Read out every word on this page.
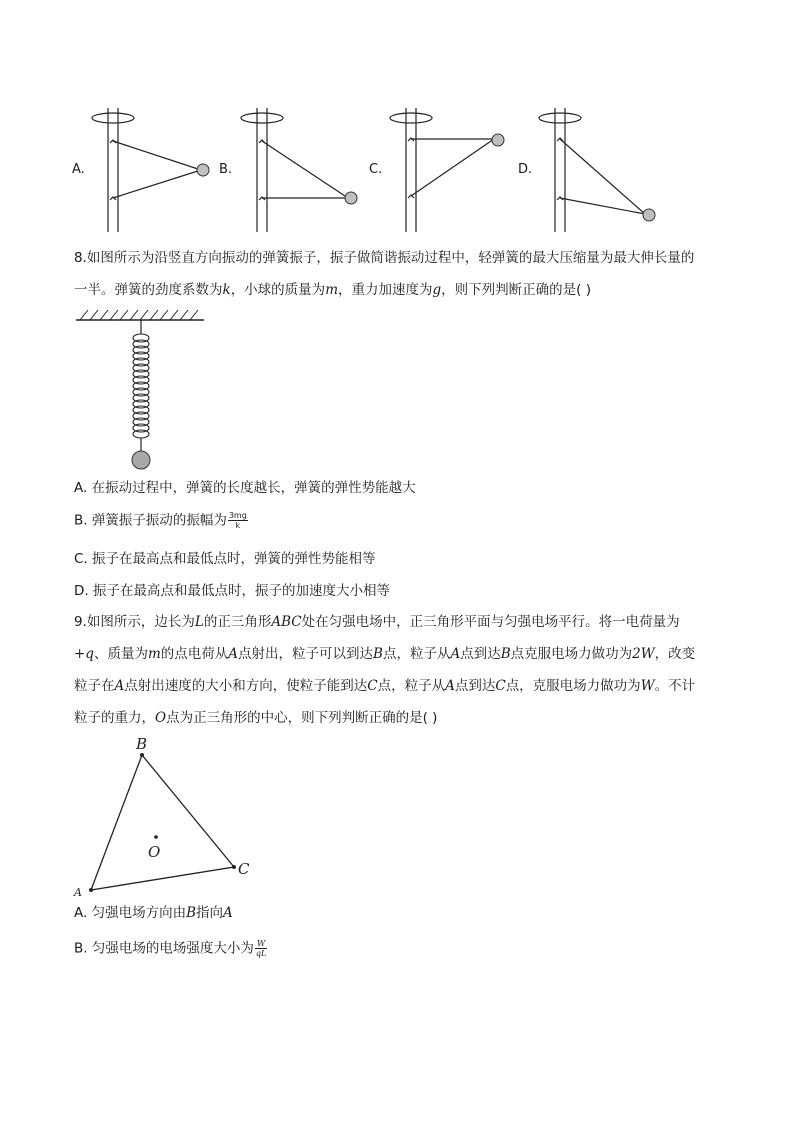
A.	B.	C.	D.
8.如图所示为沿竖直方向振动的弹簧振子，振子做简谐振动过程中，轻弹簧的最大压缩量为最大伸长量的
一半。弹簧的劲度系数为k，小球的质量为m，重力加速度为g，则下列判断正确的是( )
A. 在振动过程中，弹簧的长度越长，弹簧的弹性势能越大
B. 弹簧振子振动的振幅为 $\frac{3mg}{k}$
C. 振子在最高点和最低点时，弹簧的弹性势能相等
D. 振子在最高点和最低点时，振子的加速度大小相等
9.如图所示，边长为L的正三角形ABC处在匀强电场中，正三角形平面与匀强电场平行。将一电荷量为
+q、质量为m的点电荷从A点射出，粒子可以到达B点，粒子从A点到达B点克服电场力做功为2W，改变
粒子在A点射出速度的大小和方向，使粒子能到达C点，粒子从A点到达C点，克服电场力做功为W。不计
粒子的重力，O点为正三角形的中心，则下列判断正确的是( )
B
O
C
A
A. 匀强电场方向由B指向A
B. 匀强电场的电场强度大小为 $\frac{W}{qL}$
